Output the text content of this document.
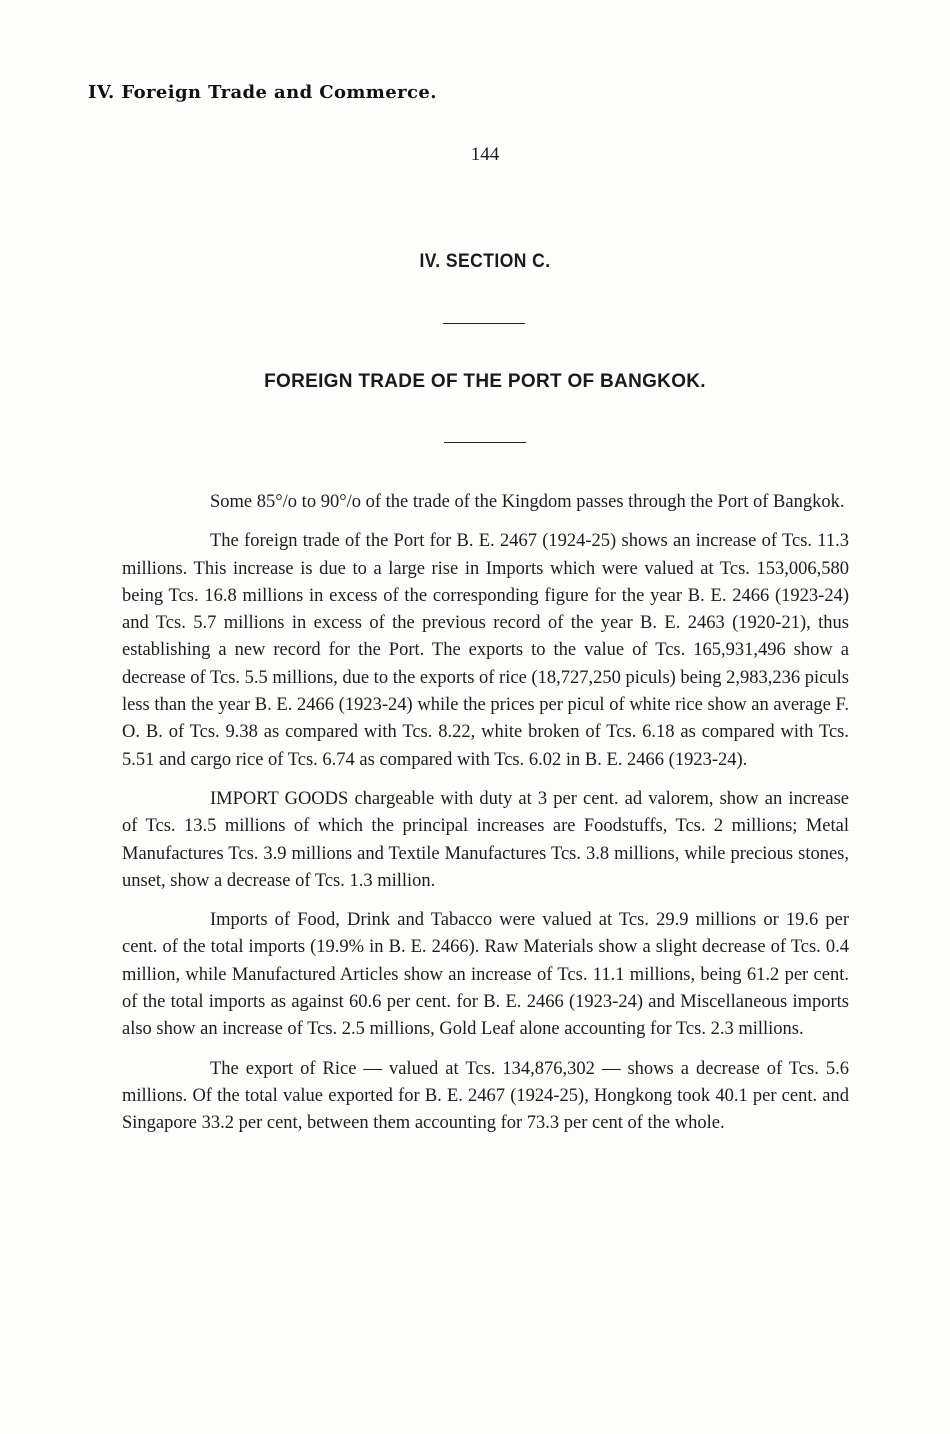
IV. Foreign Trade and Commerce.
144
IV. SECTION C.
FOREIGN TRADE OF THE PORT OF BANGKOK.

Some 85°/o to 90°/o of the trade of the Kingdom passes through the Port of Bangkok.

The foreign trade of the Port for B. E. 2467 (1924-25) shows an increase of Tcs. 11.3 millions. This increase is due to a large rise in Imports which were valued at Tcs. 153,006,580 being Tcs. 16.8 millions in excess of the corresponding figure for the year B. E. 2466 (1923-24) and Tcs. 5.7 millions in excess of the previous record of the year B. E. 2463 (1920-21), thus establishing a new record for the Port. The exports to the value of Tcs. 165,931,496 show a decrease of Tcs. 5.5 millions, due to the exports of rice (18,727,250 piculs) being 2,983,236 piculs less than the year B. E. 2466 (1923-24) while the prices per picul of white rice show an average F. O. B. of Tcs. 9.38 as compared with Tcs. 8.22, white broken of Tcs. 6.18 as compared with Tcs. 5.51 and cargo rice of Tcs. 6.74 as compared with Tcs. 6.02 in B. E. 2466 (1923-24).

IMPORT GOODS chargeable with duty at 3 per cent. ad valorem, show an increase of Tcs. 13.5 millions of which the principal increases are Foodstuffs, Tcs. 2 millions; Metal Manufactures Tcs. 3.9 millions and Textile Manufactures Tcs. 3.8 millions, while precious stones, unset, show a decrease of Tcs. 1.3 million.

Imports of Food, Drink and Tabacco were valued at Tcs. 29.9 millions or 19.6 per cent. of the total imports (19.9% in B. E. 2466). Raw Materials show a slight decrease of Tcs. 0.4 million, while Manufactured Articles show an increase of Tcs. 11.1 millions, being 61.2 per cent. of the total imports as against 60.6 per cent. for B. E. 2466 (1923-24) and Miscellaneous imports also show an increase of Tcs. 2.5 millions, Gold Leaf alone accounting for Tcs. 2.3 millions.

The export of Rice — valued at Tcs. 134,876,302 — shows a decrease of Tcs. 5.6 millions. Of the total value exported for B. E. 2467 (1924-25), Hongkong took 40.1 per cent. and Singapore 33.2 per cent, between them accounting for 73.3 per cent of the whole.
